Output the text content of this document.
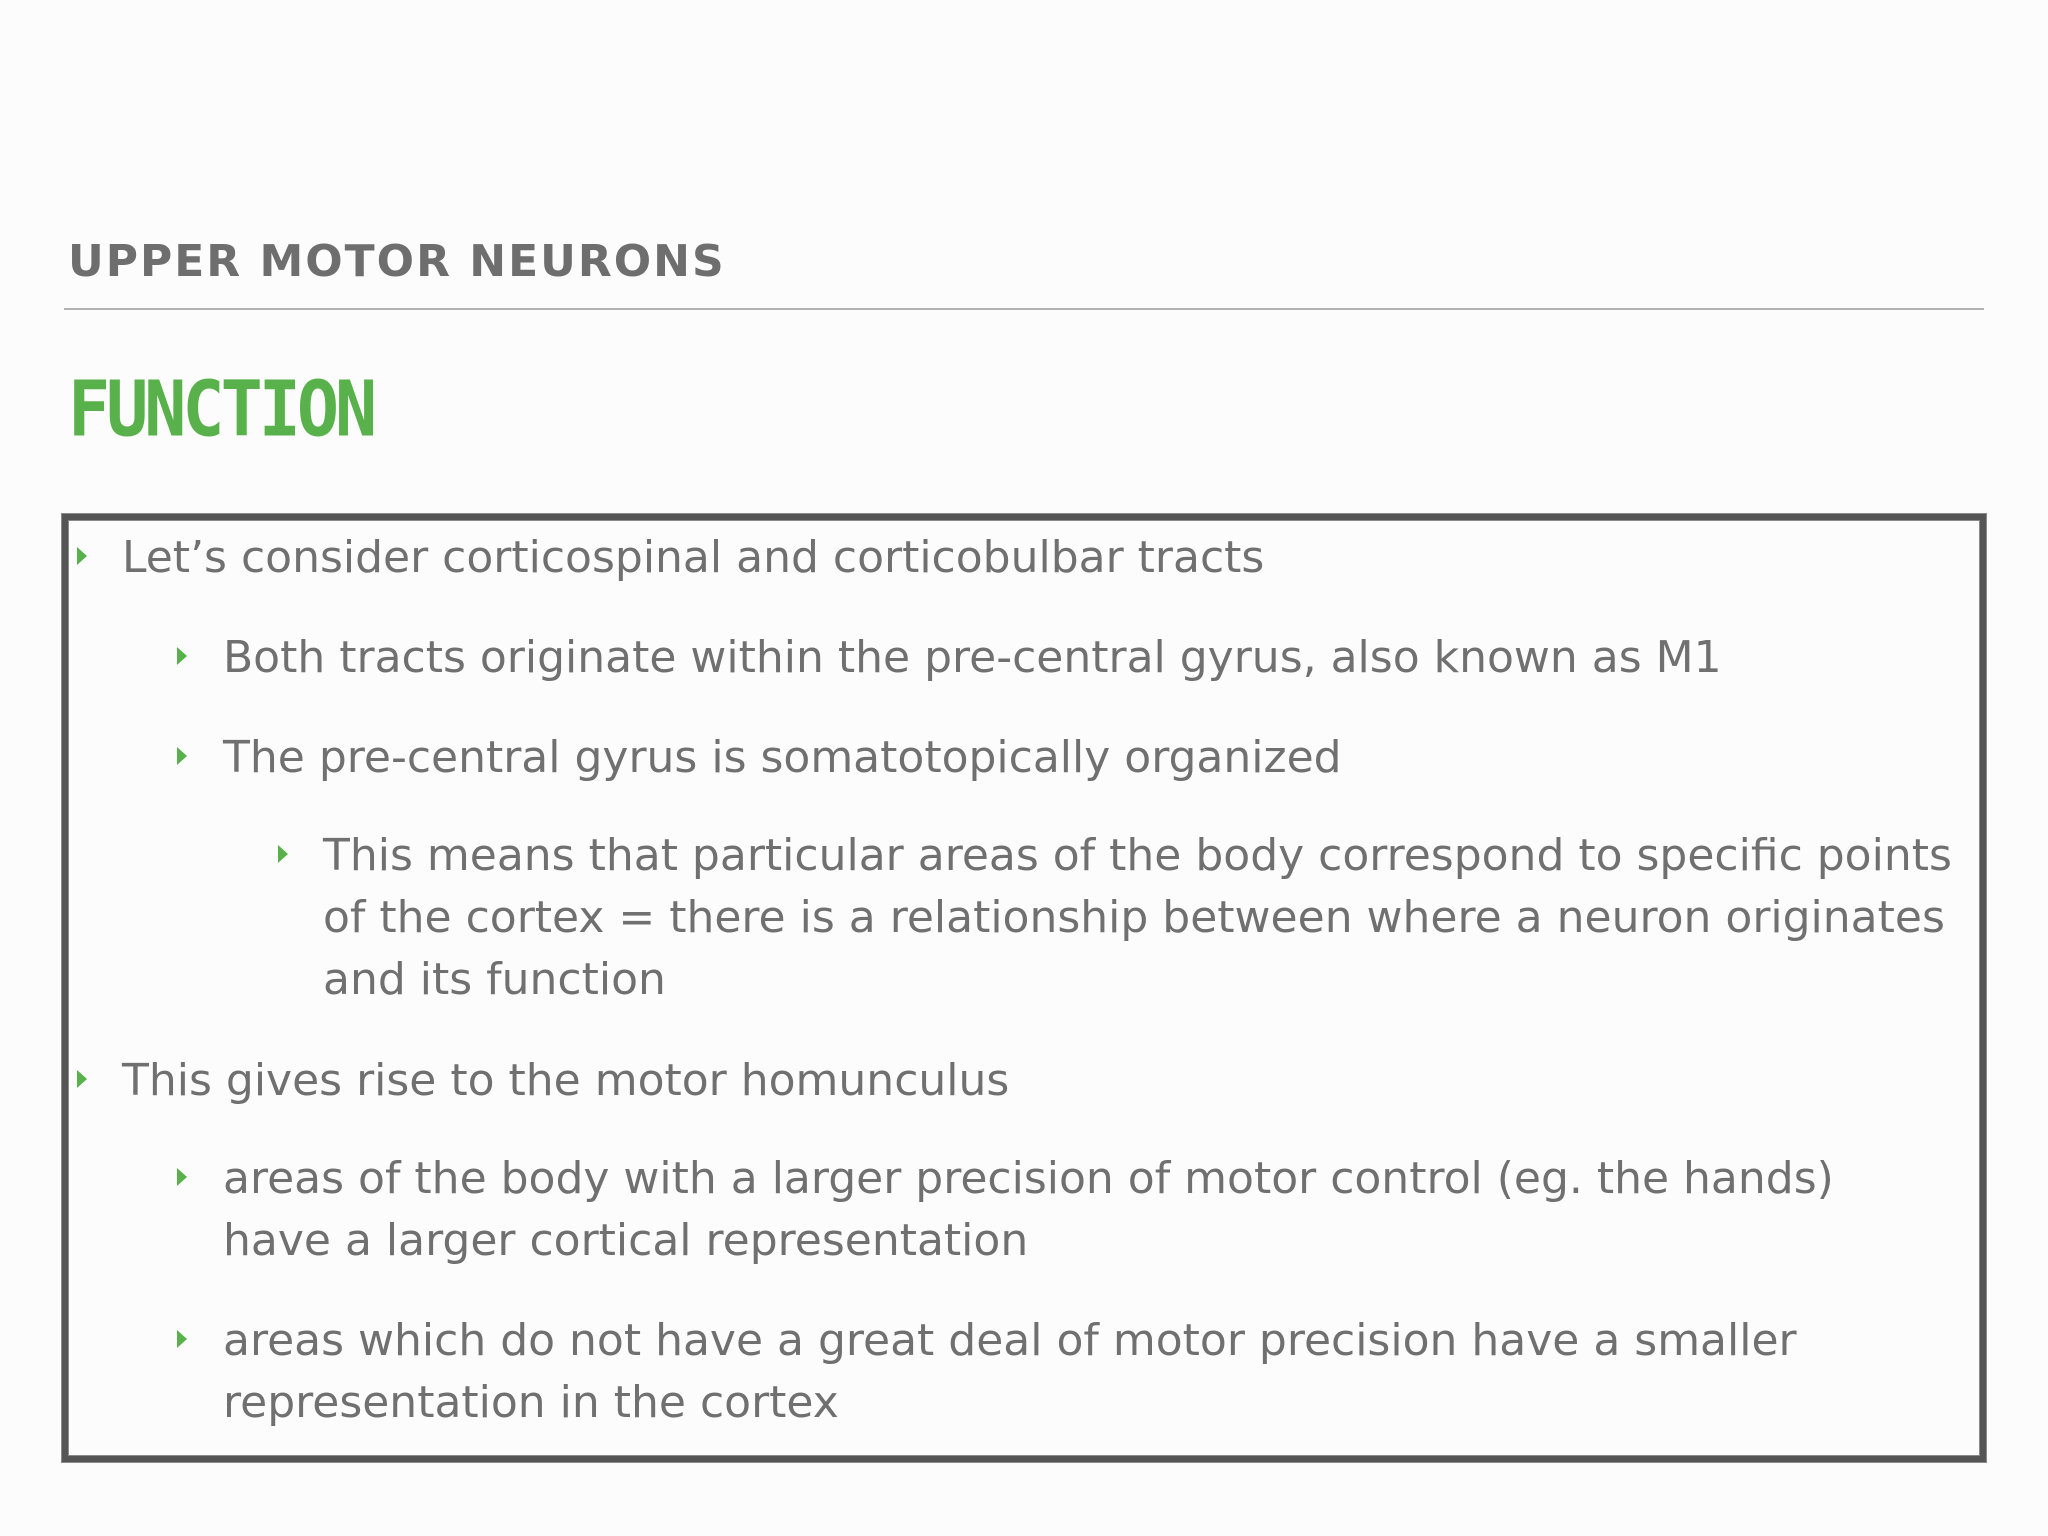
UPPER MOTOR NEURONS
FUNCTION
Let’s consider corticospinal and corticobulbar tracts
Both tracts originate within the pre-central gyrus, also known as M1
The pre-central gyrus is somatotopically organized
This means that particular areas of the body correspond to specific points of the cortex = there is a relationship between where a neuron originates and its function
This gives rise to the motor homunculus
areas of the body with a larger precision of motor control (eg. the hands) have a larger cortical representation
areas which do not have a great deal of motor precision have a smaller representation in the cortex
